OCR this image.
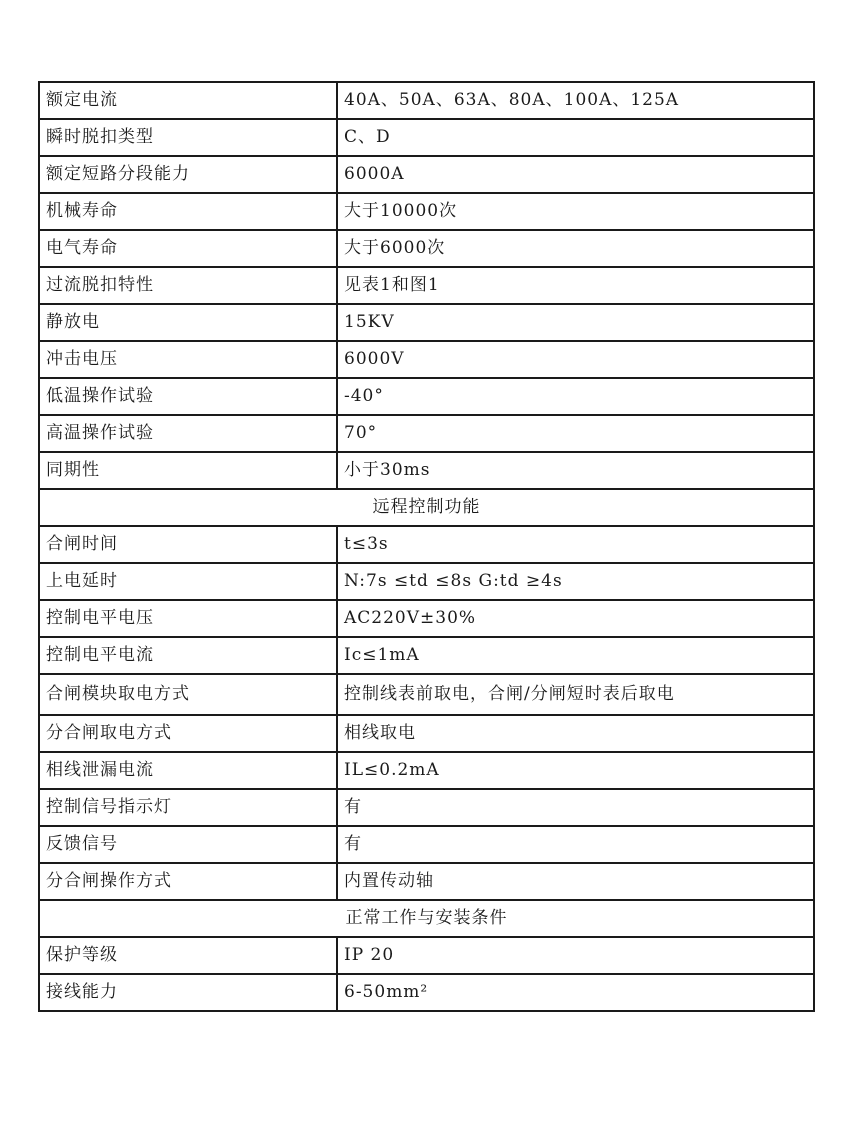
额定电流	40A、50A、63A、80A、100A、125A
瞬时脱扣类型	C、D
额定短路分段能力	6000A
机械寿命	大于10000次
电气寿命	大于6000次
过流脱扣特性	见表1和图1
静放电	15KV
冲击电压	6000V
低温操作试验	-40°
高温操作试验	70°
同期性	小于30ms
远程控制功能	
合闸时间	t≤3s
上电延时	N:7s ≤td ≤8s G:td ≥4s
控制电平电压	AC220V±30%
控制电平电流	Ic≤1mA
合闸模块取电方式	控制线表前取电，合闸/分闸短时表后取电
分合闸取电方式	相线取电
相线泄漏电流	IL≤0.2mA
控制信号指示灯	有
反馈信号	有
分合闸操作方式	内置传动轴
正常工作与安装条件	
保护等级	IP 20
接线能力	6-50mm²
